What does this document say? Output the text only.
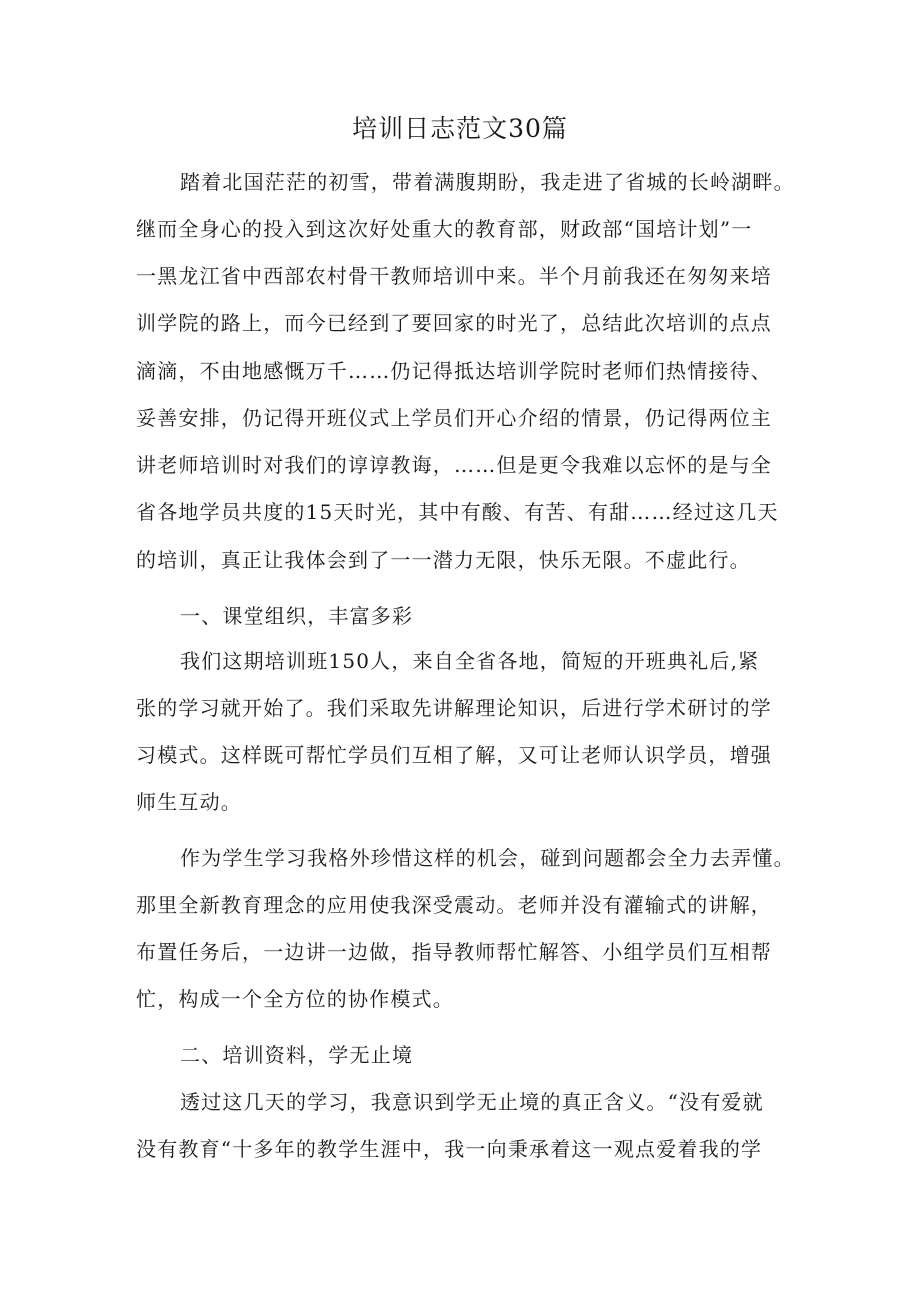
培训日志范文30篇
踏着北国茫茫的初雪，带着满腹期盼，我走进了省城的长岭湖畔。
继而全身心的投入到这次好处重大的教育部，财政部“国培计划”一
一黑龙江省中西部农村骨干教师培训中来。半个月前我还在匆匆来培
训学院的路上，而今已经到了要回家的时光了，总结此次培训的点点
滴滴，不由地感慨万千……仍记得抵达培训学院时老师们热情接待、
妥善安排，仍记得开班仪式上学员们开心介绍的情景，仍记得两位主
讲老师培训时对我们的谆谆教诲，……但是更令我难以忘怀的是与全
省各地学员共度的15天时光，其中有酸、有苦、有甜……经过这几天
的培训，真正让我体会到了一一潜力无限，快乐无限。不虚此行。
一、课堂组织，丰富多彩
我们这期培训班150人，来自全省各地，简短的开班典礼后,紧
张的学习就开始了。我们采取先讲解理论知识，后进行学术研讨的学
习模式。这样既可帮忙学员们互相了解，又可让老师认识学员，增强
师生互动。
作为学生学习我格外珍惜这样的机会，碰到问题都会全力去弄懂。
那里全新教育理念的应用使我深受震动。老师并没有灌输式的讲解，
布置任务后，一边讲一边做，指导教师帮忙解答、小组学员们互相帮
忙，构成一个全方位的协作模式。
二、培训资料，学无止境
透过这几天的学习，我意识到学无止境的真正含义。“没有爱就
没有教育“十多年的教学生涯中，我一向秉承着这一观点爱着我的学
